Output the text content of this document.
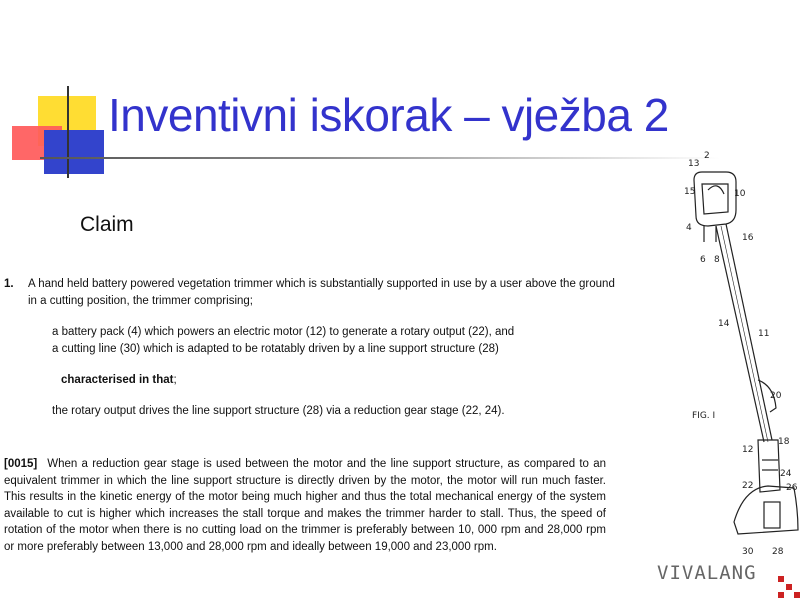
Inventivni iskorak – vježba 2
Claim
1. A hand held battery powered vegetation trimmer which is substantially supported in use by a user above the ground
in a cutting position, the trimmer comprising;
a battery pack (4) which powers an electric motor (12) to generate a rotary output (22), and
a cutting line (30) which is adapted to be rotatably driven by a line support structure (28)
characterised in that;
the rotary output drives the line support structure (28) via a reduction gear stage (22, 24).
[0015] When a reduction gear stage is used between the motor and the line support structure, as compared to an equivalent trimmer in which the line support structure is directly driven by the motor, the motor will run much faster. This results in the kinetic energy of the motor being much higher and thus the total mechanical energy of the system available to cut is higher which increases the stall torque and makes the trimmer harder to stall. Thus, the speed of rotation of the motor when there is no cutting load on the trimmer is preferably between 10, 000 rpm and 28,000 rpm or more preferably between 13,000 and 28,000 rpm and ideally between 19,000 and 23,000 rpm.
2
13
15	10
4
16
6 8
14
11
FIG. I
20
18
12
24
22	26
30 28
VIVALANG
